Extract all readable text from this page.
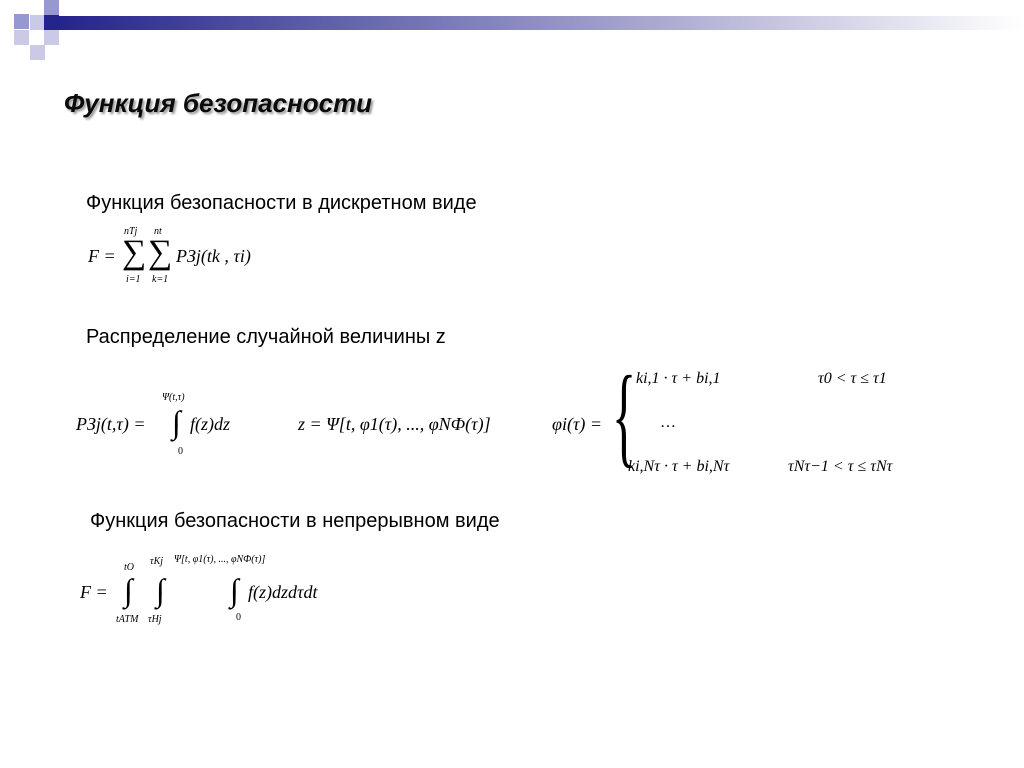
Функция безопасности
Функция безопасности в дискретном виде
F =
nTj
∑
i=1
nt
∑
k=1
PЗj(tk , τi)
Распределение случайной величины z
PЗj(t,τ) =
Ψ(t,τ)
∫
0
f(z)dz	z = Ψ[t, φ1(τ), ..., φNФ(τ)]	φi(τ) = { ki,1 · τ + bi,1	τ0 < τ ≤ τ1
…
ki,Nτ · τ + bi,Nτ	τNτ−1 < τ ≤ τNτ
Функция безопасности в непрерывном виде
F =
tO
∫
tATM
τKj
∫
τHj
Ψ[t, φ1(τ), ..., φNФ(τ)]
∫
0
f(z)dzdτdt
